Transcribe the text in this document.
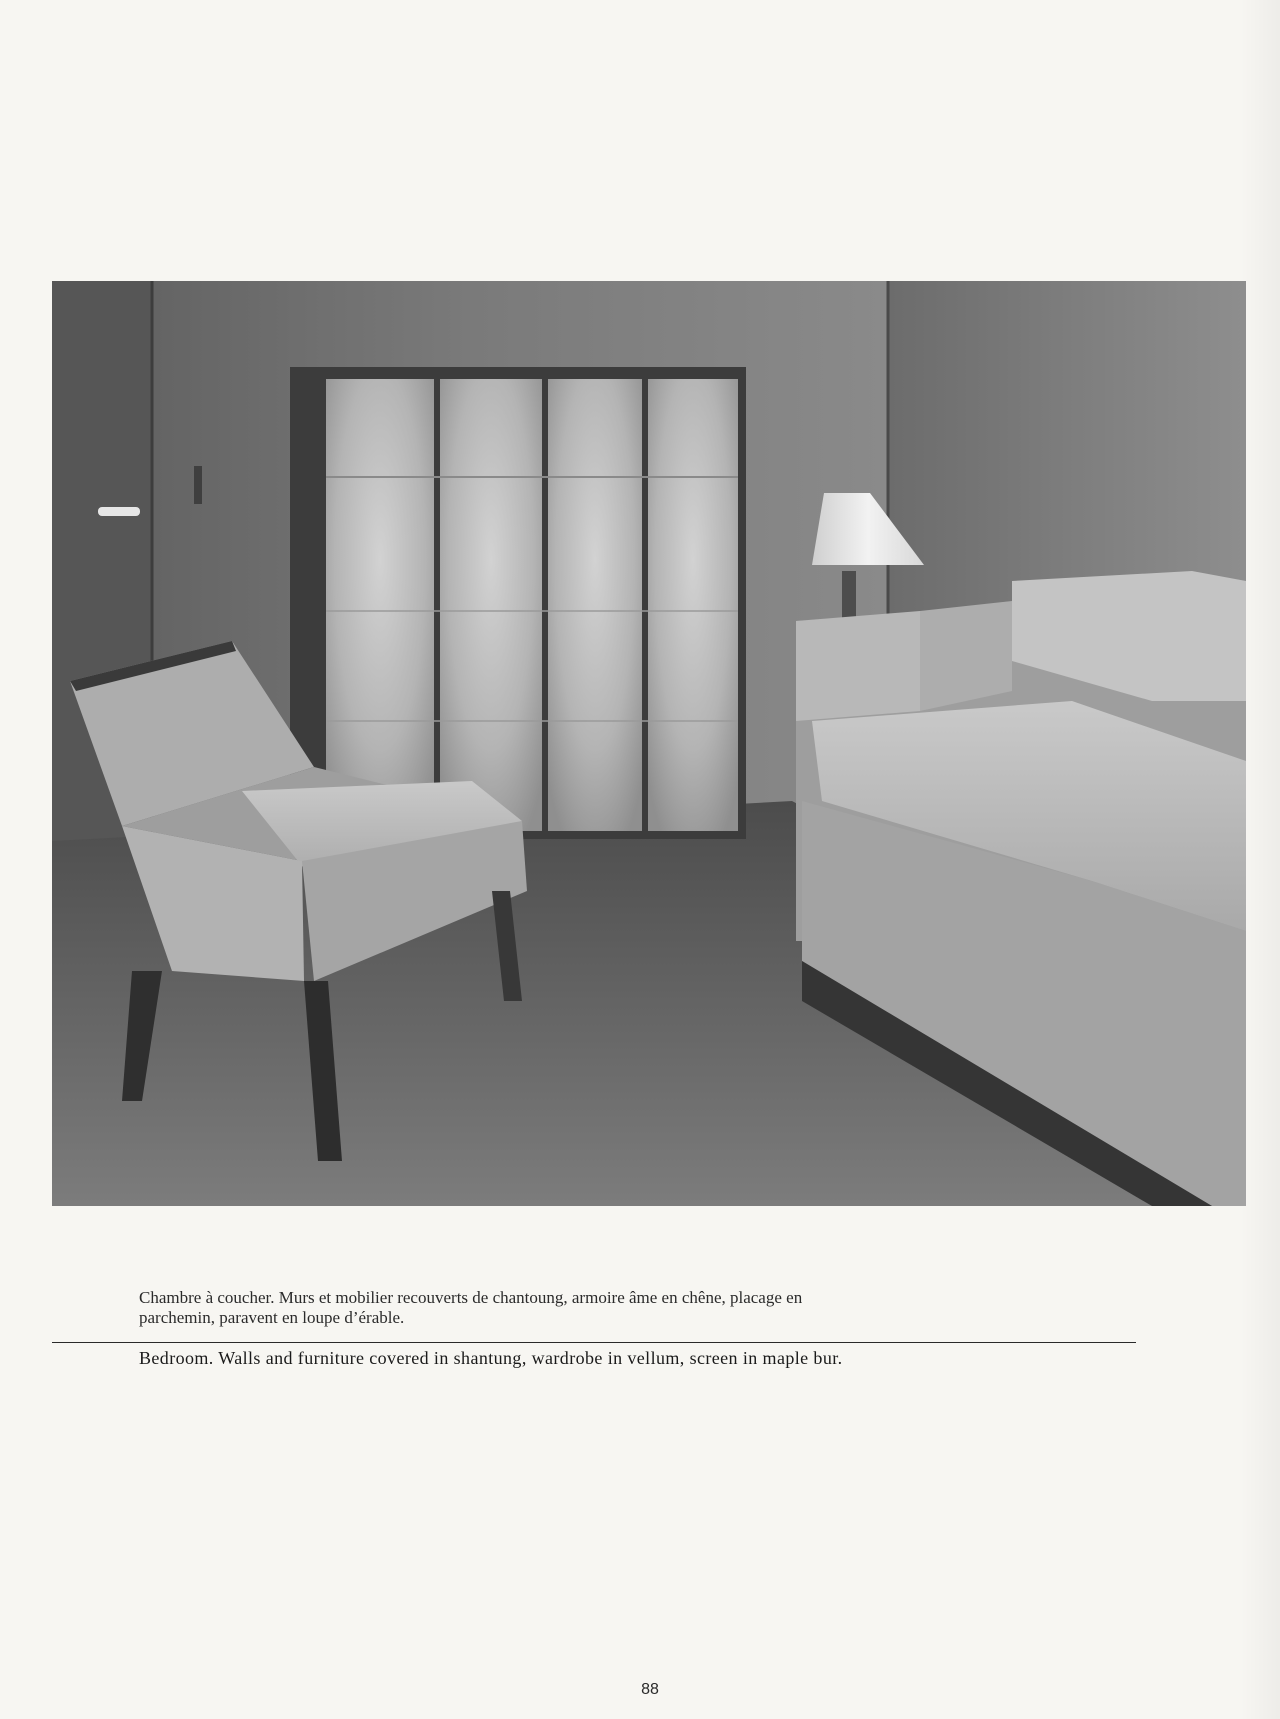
Chambre à coucher. Murs et mobilier recouverts de chantoung, armoire âme en chêne, placage en parchemin, paravent en loupe d’érable.
Bedroom. Walls and furniture covered in shantung, wardrobe in vellum, screen in maple bur.
88
